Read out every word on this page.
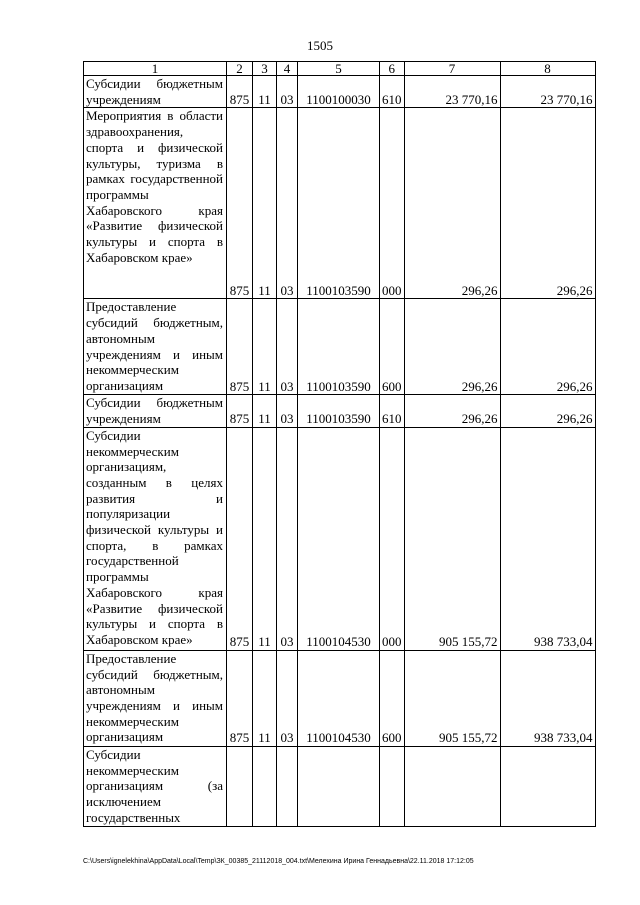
1505
1	2	3	4	5	6	7	8
Субсидии бюджетным учреждениям	875	11	03	1100100030	610	23 770,16	23 770,16
Мероприятия в области здравоохранения, спорта и физической культуры, туризма в рамках государственной программы Хабаровского края «Развитие физической культуры и спорта в Хабаровском крае»	875	11	03	1100103590	000	296,26	296,26
Предоставление субсидий бюджетным, автономным учреждениям и иным некоммерческим организациям	875	11	03	1100103590	600	296,26	296,26
Субсидии бюджетным учреждениям	875	11	03	1100103590	610	296,26	296,26
Субсидии некоммерческим организациям, созданным в целях развития и популяризации физической культуры и спорта, в рамках государственной программы Хабаровского края «Развитие физической культуры и спорта в Хабаровском крае»	875	11	03	1100104530	000	905 155,72	938 733,04
Предоставление субсидий бюджетным, автономным учреждениям и иным некоммерческим организациям	875	11	03	1100104530	600	905 155,72	938 733,04
Субсидии некоммерческим организациям (за исключением государственных							
C:\Users\ignelekhina\AppData\Local\Temp\ЗК_00385_21112018_004.txt\Мелехина Ирина Геннадьевна\22.11.2018 17:12:05
